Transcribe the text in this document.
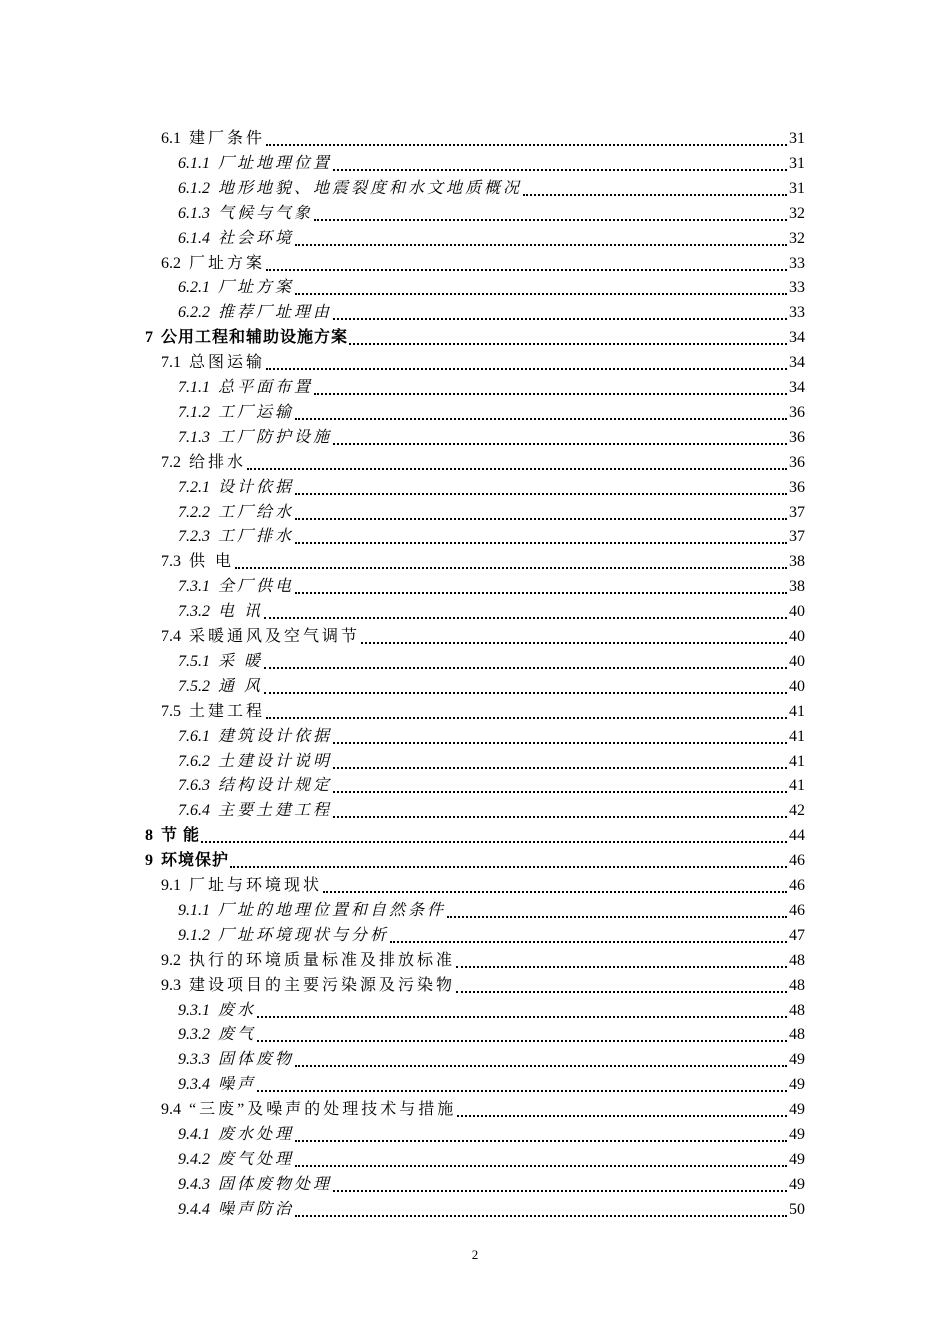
6.1 建厂条件	31
6.1.1 厂址地理位置	31
6.1.2 地形地貌、地震裂度和水文地质概况	31
6.1.3 气候与气象	32
6.1.4 社会环境	32
6.2 厂址方案	33
6.2.1 厂址方案	33
6.2.2 推荐厂址理由	33
7 公用工程和辅助设施方案	34
7.1 总图运输	34
7.1.1 总平面布置	34
7.1.2 工厂运输	36
7.1.3 工厂防护设施	36
7.2 给排水	36
7.2.1 设计依据	36
7.2.2 工厂给水	37
7.2.3 工厂排水	37
7.3 供 电	38
7.3.1 全厂供电	38
7.3.2 电 讯	40
7.4 采暖通风及空气调节	40
7.5.1 采 暖	40
7.5.2 通 风	40
7.5 土建工程	41
7.6.1 建筑设计依据	41
7.6.2 土建设计说明	41
7.6.3 结构设计规定	41
7.6.4 主要土建工程	42
8 节 能	44
9 环境保护	46
9.1 厂址与环境现状	46
9.1.1 厂址的地理位置和自然条件	46
9.1.2 厂址环境现状与分析	47
9.2 执行的环境质量标准及排放标准	48
9.3 建设项目的主要污染源及污染物	48
9.3.1 废水	48
9.3.2 废气	48
9.3.3 固体废物	49
9.3.4 噪声	49
9.4 “三废”及噪声的处理技术与措施	49
9.4.1 废水处理	49
9.4.2 废气处理	49
9.4.3 固体废物处理	49
9.4.4 噪声防治	50
2
